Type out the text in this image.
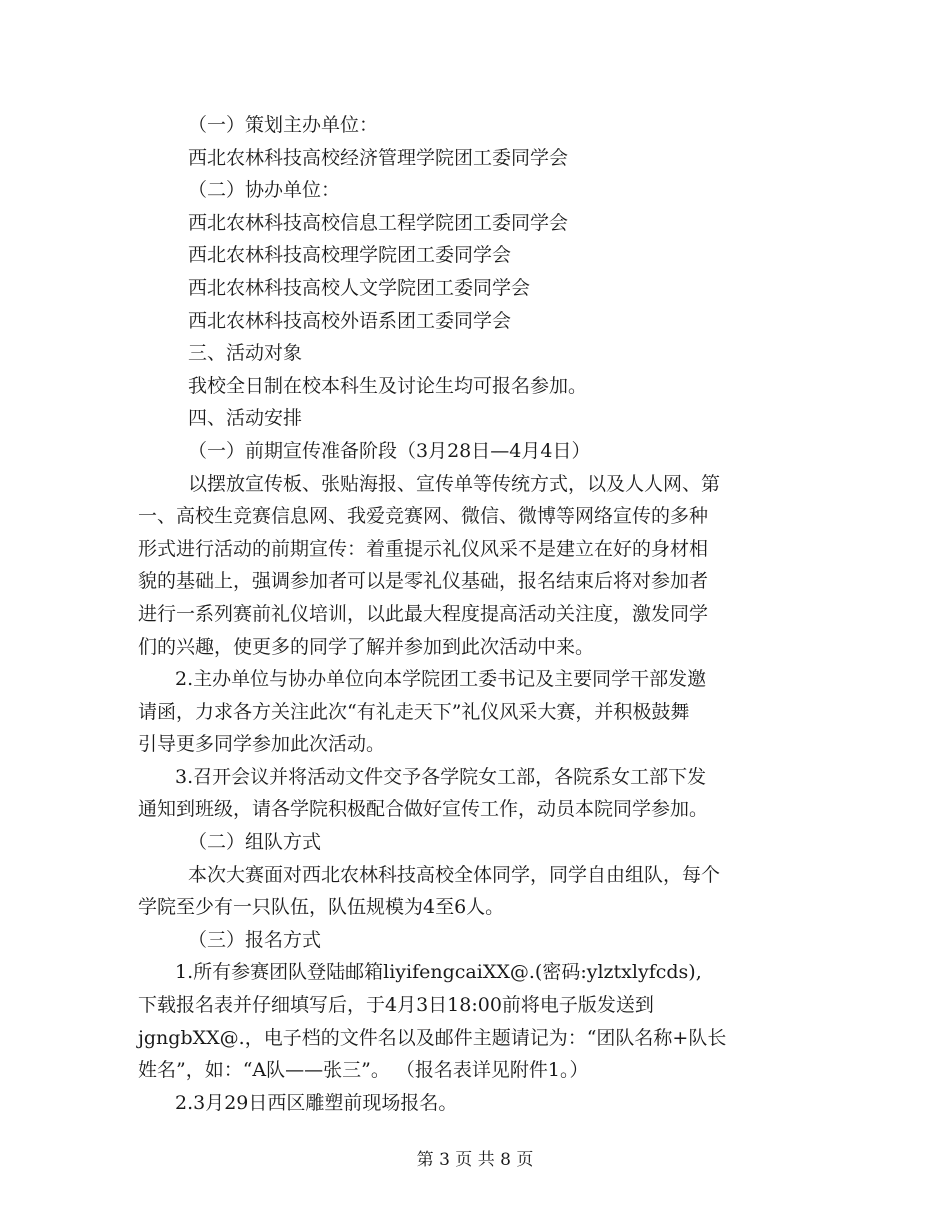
（一）策划主办单位：

西北农林科技高校经济管理学院团工委同学会

（二）协办单位：

西北农林科技高校信息工程学院团工委同学会

西北农林科技高校理学院团工委同学会

西北农林科技高校人文学院团工委同学会

西北农林科技高校外语系团工委同学会

三、活动对象

我校全日制在校本科生及讨论生均可报名参加。

四、活动安排

（一）前期宣传准备阶段（3月28日—4月4日）

以摆放宣传板、张贴海报、宣传单等传统方式，以及人人网、第

一、高校生竞赛信息网、我爱竞赛网、微信、微博等网络宣传的多种

形式进行活动的前期宣传：着重提示礼仪风采不是建立在好的身材相

貌的基础上，强调参加者可以是零礼仪基础，报名结束后将对参加者

进行一系列赛前礼仪培训，以此最大程度提高活动关注度，激发同学

们的兴趣，使更多的同学了解并参加到此次活动中来。

2.主办单位与协办单位向本学院团工委书记及主要同学干部发邀

请函，力求各方关注此次“有礼走天下”礼仪风采大赛，并积极鼓舞

引导更多同学参加此次活动。

3.召开会议并将活动文件交予各学院女工部，各院系女工部下发

通知到班级，请各学院积极配合做好宣传工作，动员本院同学参加。

（二）组队方式

本次大赛面对西北农林科技高校全体同学，同学自由组队，每个

学院至少有一只队伍，队伍规模为4至6人。

（三）报名方式

1.所有参赛团队登陆邮箱liyifengcaiXX@.(密码:ylztxlyfcds),

下载报名表并仔细填写后，于4月3日18:00前将电子版发送到

jgngbXX@.，电子档的文件名以及邮件主题请记为：“团队名称+队长

姓名”，如：“A队——张三”。 （报名表详见附件1。）

2.3月29日西区雕塑前现场报名。

第 3 页 共 8 页
